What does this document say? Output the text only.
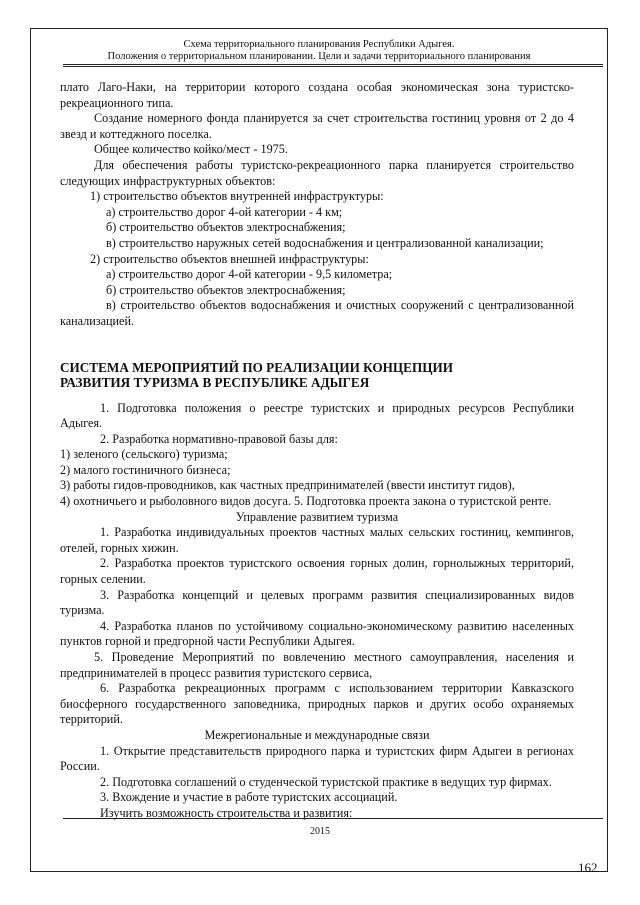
Схема территориального планирования Республики Адыгея.
Положения о территориальном планировании. Цели и задачи территориального планирования

плато Лаго-Наки, на территории которого создана особая экономическая зона туристско-рекреационного типа.

Создание номерного фонда планируется за счет строительства гостиниц уровня от 2 до 4 звезд и коттеджного поселка.

Общее количество койко/мест - 1975.

Для обеспечения работы туристско-рекреационного парка планируется строительство следующих инфраструктурных объектов:

1) строительство объектов внутренней инфраструктуры:

а) строительство дорог 4-ой категории - 4 км;

б) строительство объектов электроснабжения;

в) строительство наружных сетей водоснабжения и централизованной канализации;

2) строительство объектов внешней инфраструктуры:

а) строительство дорог 4-ой категории - 9,5 километра;

б) строительство объектов электроснабжения;

в) строительство объектов водоснабжения и очистных сооружений с централизованной канализацией.

СИСТЕМА МЕРОПРИЯТИЙ ПО РЕАЛИЗАЦИИ КОНЦЕПЦИИ

РАЗВИТИЯ ТУРИЗМА В РЕСПУБЛИКЕ АДЫГЕЯ

1. Подготовка положения о реестре туристских и природных ресурсов Республики Адыгея.

2. Разработка нормативно-правовой базы для:

1) зеленого (сельского) туризма;

2) малого гостиничного бизнеса;

3) работы гидов-проводников, как частных предпринимателей (ввести институт гидов),

4) охотничьего и рыболовного видов досуга. 5. Подготовка проекта закона о туристской ренте.

Управление развитием туризма

1. Разработка индивидуальных проектов частных малых сельских гостиниц, кемпингов, отелей, горных хижин.

2. Разработка проектов туристского освоения горных долин, горнолыжных территорий, горных селении.

3. Разработка концепций и целевых программ развития специализированных видов туризма.

4. Разработка планов по устойчивому социально-экономическому развитию населенных пунктов горной и предгорной части Республики Адыгея.

5. Проведение Мероприятий по вовлечению местного самоуправления, населения и предпринимателей в процесс развития туристского сервиса,

6. Разработка рекреационных программ с использованием территории Кавказского биосферного государственного заповедника, природных парков и других особо охраняемых территорий.

Межрегиональные и международные связи

1. Открытие представительств природного парка и туристских фирм Адыгеи в регионах России.

2. Подготовка соглашений о студенческой туристской практике в ведущих тур фирмах.

3. Вхождение и участие в работе туристских ассоциаций.

Изучить возможность строительства и развития:

2015
162
